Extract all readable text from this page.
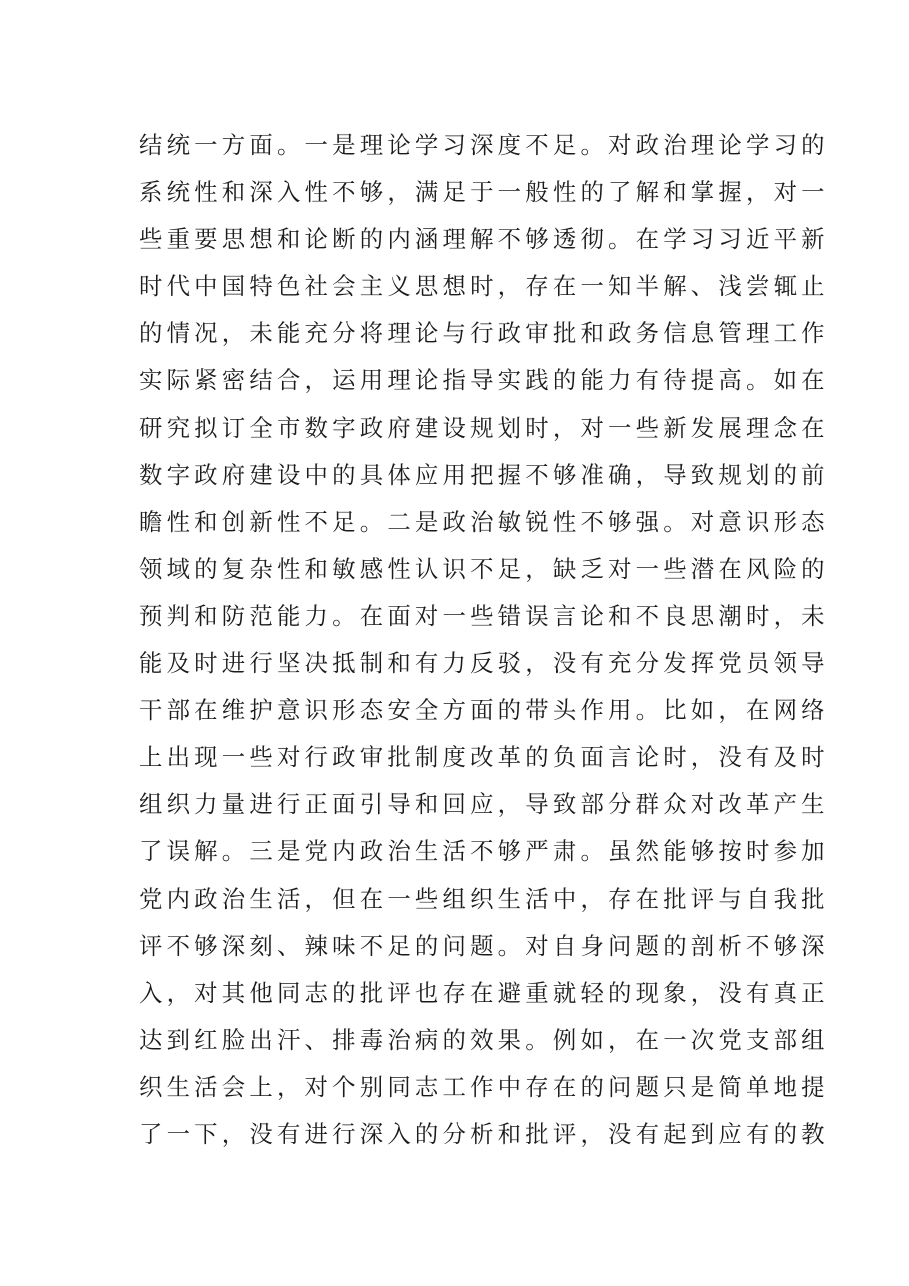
结统一方面。一是理论学习深度不足。对政治理论学习的
系统性和深入性不够，满足于一般性的了解和掌握，对一
些重要思想和论断的内涵理解不够透彻。在学习习近平新
时代中国特色社会主义思想时，存在一知半解、浅尝辄止
的情况，未能充分将理论与行政审批和政务信息管理工作
实际紧密结合，运用理论指导实践的能力有待提高。如在
研究拟订全市数字政府建设规划时，对一些新发展理念在
数字政府建设中的具体应用把握不够准确，导致规划的前
瞻性和创新性不足。二是政治敏锐性不够强。对意识形态
领域的复杂性和敏感性认识不足，缺乏对一些潜在风险的
预判和防范能力。在面对一些错误言论和不良思潮时，未
能及时进行坚决抵制和有力反驳，没有充分发挥党员领导
干部在维护意识形态安全方面的带头作用。比如，在网络
上出现一些对行政审批制度改革的负面言论时，没有及时
组织力量进行正面引导和回应，导致部分群众对改革产生
了误解。三是党内政治生活不够严肃。虽然能够按时参加
党内政治生活，但在一些组织生活中，存在批评与自我批
评不够深刻、辣味不足的问题。对自身问题的剖析不够深
入，对其他同志的批评也存在避重就轻的现象，没有真正
达到红脸出汗、排毒治病的效果。例如，在一次党支部组
织生活会上，对个别同志工作中存在的问题只是简单地提
了一下，没有进行深入的分析和批评，没有起到应有的教
